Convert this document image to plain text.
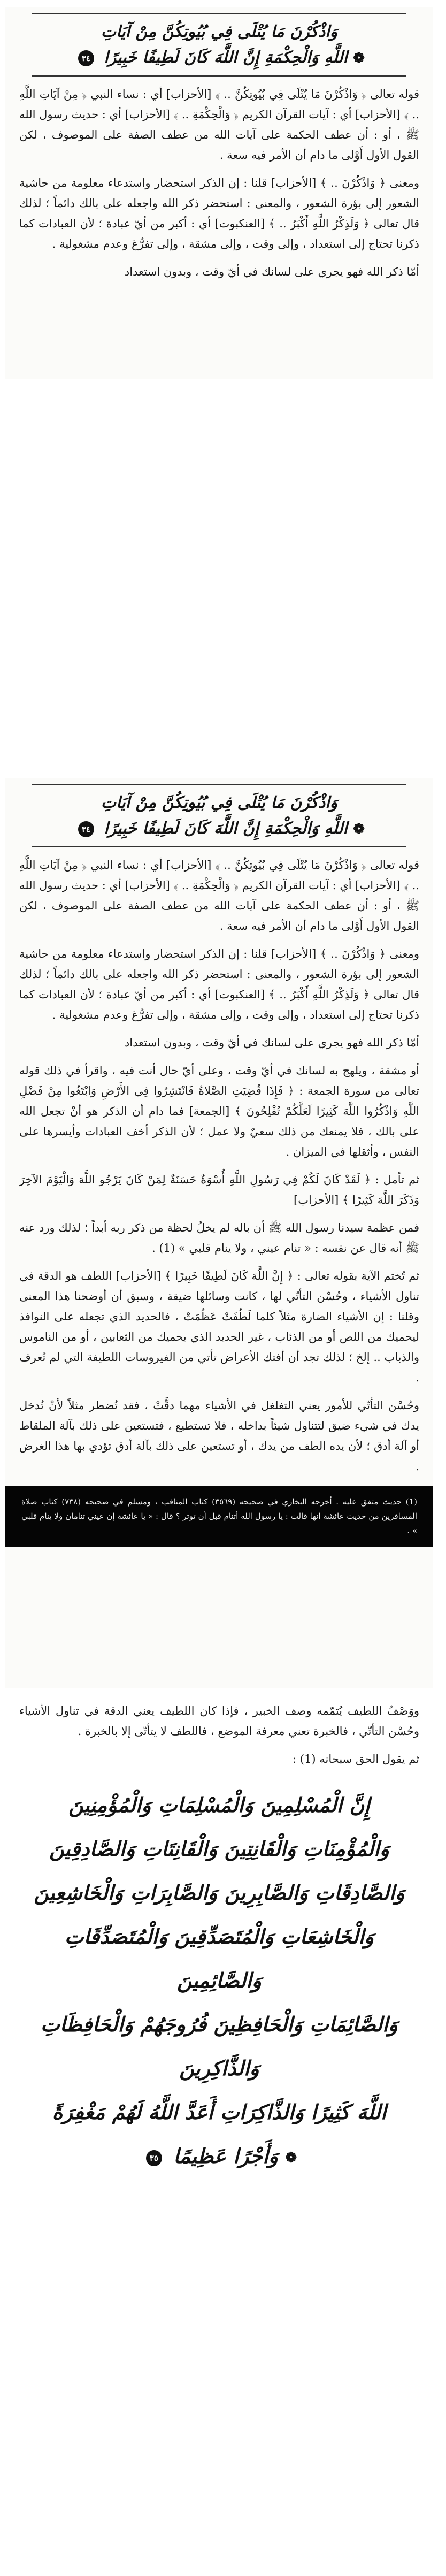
وَاذْكُرْنَ مَا يُتْلَى فِي بُيُوتِكُنَّ مِنْ آيَاتِ
❁ اللَّهِ وَالْحِكْمَةِ إِنَّ اللَّهَ كَانَ لَطِيفًا خَبِيرًا ٣٤

قوله تعالى ﴿ وَاذْكُرْنَ مَا يُتْلَى فِي بُيُوتِكُنَّ .. ﴾ [الأحزاب] أي : نساء النبي ﴿ مِنْ آيَاتِ اللَّهِ .. ﴾ [الأحزاب] أي : آيات القرآن الكريم ﴿ وَالْحِكْمَةِ .. ﴾ [الأحزاب] أي : حديث رسول الله ﷺ ، أو : أن عطف الحكمة على آيات الله من عطف الصفة على الموصوف ، لكن القول الأول أَوْلى ما دام أن الأمر فيه سعة .

ومعنى ﴿ وَاذْكُرْنَ .. ﴾ [الأحزاب] قلنا : إن الذكر استحضار واستدعاء معلومة من حاشية الشعور إلى بؤرة الشعور ، والمعنى : استحضر ذكر الله واجعله على بالك دائماً ؛ لذلك قال تعالى ﴿ وَلَذِكْرُ اللَّهِ أَكْبَرُ .. ﴾ [العنكبوت] أي : أكبر من أيّ عبادة ؛ لأن العبادات كما ذكرنا تحتاج إلى استعداد ، وإلى وقت ، وإلى مشقة ، وإلى تفرُّغ وعدم مشغولية .

أمّا ذكر الله فهو يجري على لسانك في أيّ وقت ، وبدون استعداد

وَاذْكُرْنَ مَا يُتْلَى فِي بُيُوتِكُنَّ مِنْ آيَاتِ
❁ اللَّهِ وَالْحِكْمَةِ إِنَّ اللَّهَ كَانَ لَطِيفًا خَبِيرًا ٣٤

قوله تعالى ﴿ وَاذْكُرْنَ مَا يُتْلَى فِي بُيُوتِكُنَّ .. ﴾ [الأحزاب] أي : نساء النبي ﴿ مِنْ آيَاتِ اللَّهِ .. ﴾ [الأحزاب] أي : آيات القرآن الكريم ﴿ وَالْحِكْمَةِ .. ﴾ [الأحزاب] أي : حديث رسول الله ﷺ ، أو : أن عطف الحكمة على آيات الله من عطف الصفة على الموصوف ، لكن القول الأول أَوْلى ما دام أن الأمر فيه سعة .

ومعنى ﴿ وَاذْكُرْنَ .. ﴾ [الأحزاب] قلنا : إن الذكر استحضار واستدعاء معلومة من حاشية الشعور إلى بؤرة الشعور ، والمعنى : استحضر ذكر الله واجعله على بالك دائماً ؛ لذلك قال تعالى ﴿ وَلَذِكْرُ اللَّهِ أَكْبَرُ .. ﴾ [العنكبوت] أي : أكبر من أيّ عبادة ؛ لأن العبادات كما ذكرنا تحتاج إلى استعداد ، وإلى وقت ، وإلى مشقة ، وإلى تفرُّغ وعدم مشغولية .

أمّا ذكر الله فهو يجري على لسانك في أيّ وقت ، وبدون استعداد

أو مشقة ، ويلهج به لسانك في أيّ وقت ، وعلى أيّ حال أنت فيه ، واقرأ في ذلك قوله تعالى من سورة الجمعة : ﴿ فَإِذَا قُضِيَتِ الصَّلاةُ فَانْتَشِرُوا فِي الأَرْضِ وَابْتَغُوا مِنْ فَضْلِ اللَّهِ وَاذْكُرُوا اللَّهَ كَثِيرًا لَعَلَّكُمْ تُفْلِحُونَ ﴾ [الجمعة] فما دام أن الذكر هو أنْ تجعل الله على بالك ، فلا يمنعك من ذلك سعيٌ ولا عمل ؛ لأن الذكر أخف العبادات وأيسرها على النفس ، وأثقلها في الميزان .

ثم تأمل : ﴿ لَقَدْ كَانَ لَكُمْ فِي رَسُولِ اللَّهِ أُسْوَةٌ حَسَنَةٌ لِمَنْ كَانَ يَرْجُو اللَّهَ وَالْيَوْمَ الآخِرَ وَذَكَرَ اللَّهَ كَثِيرًا ﴾ [الأحزاب]

فمن عظمة سيدنا رسول الله ﷺ أن باله لم يخلُ لحظة من ذكر ربه أبداً ؛ لذلك ورد عنه ﷺ أنه قال عن نفسه : « تنام عيني ، ولا ينام قلبي » (1) .

ثم تُختم الآية بقوله تعالى : ﴿ إِنَّ اللَّهَ كَانَ لَطِيفًا خَبِيرًا ﴾ [الأحزاب] اللطف هو الدقة في تناول الأشياء ، وحُسْن التأتّي لها ، كانت وسائلها ضيقة ، وسبق أن أوضحنا هذا المعنى وقلنا : إن الأشياء الضارة مثلاً كلما لَطُفَتْ عَظُمَتْ ، فالحديد الذي تجعله على النوافذ ليحميك من اللص أو من الذئاب ، غير الحديد الذي يحميك من الثعابين ، أو من الناموس والذباب .. إلخ ؛ لذلك تجد أن أفتك الأعراض تأتي من الفيروسات اللطيفة التي لم تُعرف .

وحُسْن التأتّي للأمور يعني التغلغل في الأشياء مهما دقَّتْ ، فقد تُضطر مثلاً لأنْ تُدخل يدك في شيء ضيق لتتناول شيئاً بداخله ، فلا تستطيع ، فتستعين على ذلك بآلة الملقاط أو آلة أدق ؛ لأن يده الطف من يدك ، أو تستعين على ذلك بآلة أدق تؤدي بها هذا الغرض .

(1) حديث متفق عليه . أخرجه البخاري في صحيحه (٣٥٦٩) كتاب المناقب ، ومسلم في صحيحه (٧٣٨) كتاب صلاة المسافرين من حديث عائشة أنها قالت : يا رسول الله أتنام قبل أن توتر ؟ قال : « يا عائشة إن عيني تنامان ولا ينام قلبي » .

ووَصْفُ اللطيف يُتمّمه وصف الخبير ، فإذا كان اللطيف يعني الدقة في تناول الأشياء وحُسْن التأتّي ، فالخبرة تعني معرفة الموضع ، فاللطف لا يتأتّى إلا بالخبرة .

ثم يقول الحق سبحانه (1) :

إِنَّ الْمُسْلِمِينَ وَالْمُسْلِمَاتِ وَالْمُؤْمِنِينَ
وَالْمُؤْمِنَاتِ وَالْقَانِتِينَ وَالْقَانِتَاتِ وَالصَّادِقِينَ
وَالصَّادِقَاتِ وَالصَّابِرِينَ وَالصَّابِرَاتِ وَالْخَاشِعِينَ
وَالْخَاشِعَاتِ وَالْمُتَصَدِّقِينَ وَالْمُتَصَدِّقَاتِ وَالصَّائِمِينَ
وَالصَّائِمَاتِ وَالْحَافِظِينَ فُرُوجَهُمْ وَالْحَافِظَاتِ وَالذَّاكِرِينَ
اللَّهَ كَثِيرًا وَالذَّاكِرَاتِ أَعَدَّ اللَّهُ لَهُمْ مَغْفِرَةً
❁ وَأَجْرًا عَظِيمًا ٣٥
